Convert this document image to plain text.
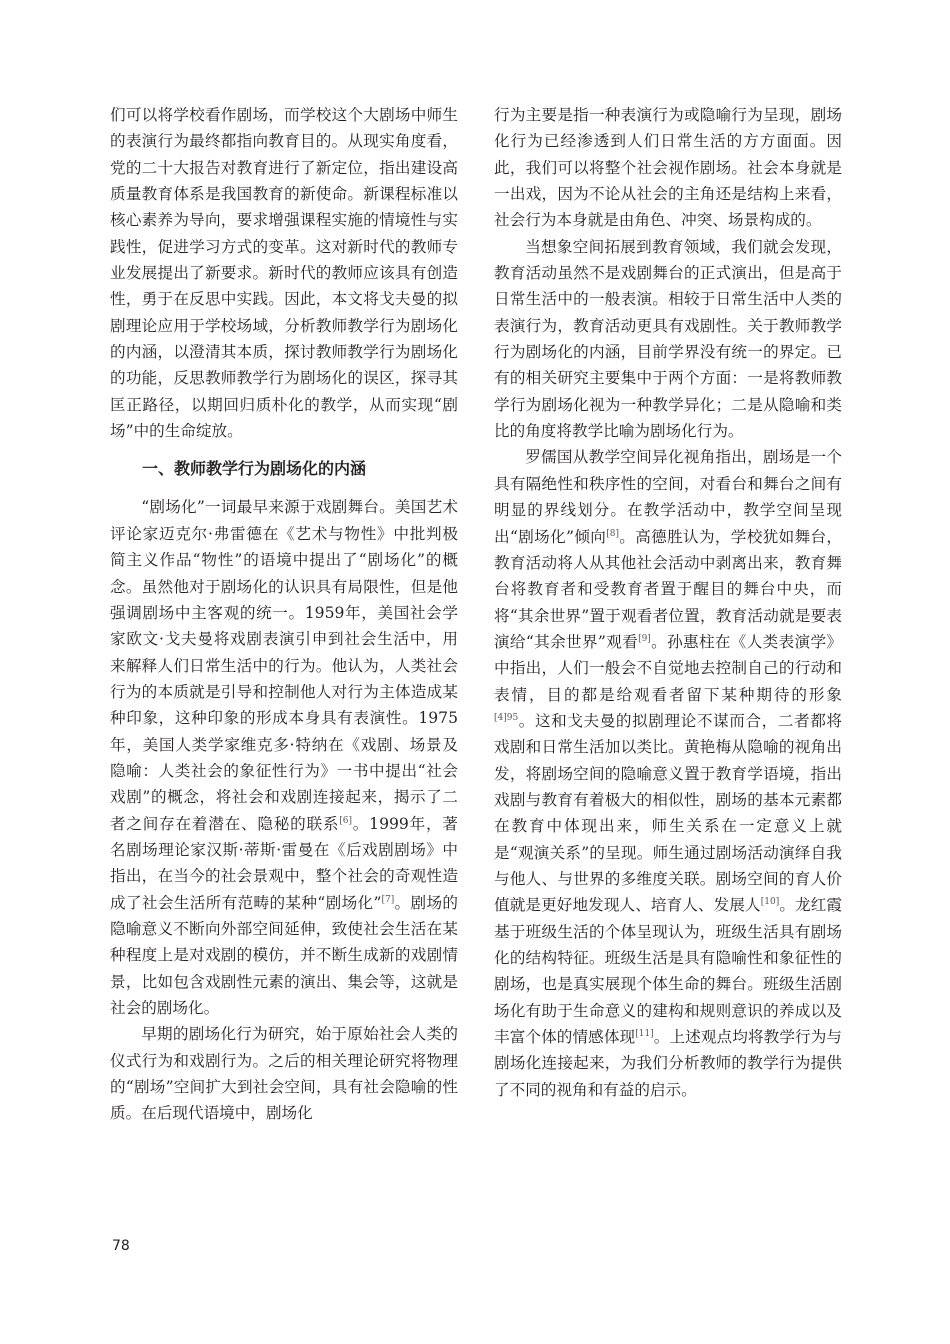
们可以将学校看作剧场，而学校这个大剧场中师生的表演行为最终都指向教育目的。从现实角度看，党的二十大报告对教育进行了新定位，指出建设高质量教育体系是我国教育的新使命。新课程标准以核心素养为导向，要求增强课程实施的情境性与实践性，促进学习方式的变革。这对新时代的教师专业发展提出了新要求。新时代的教师应该具有创造性，勇于在反思中实践。因此，本文将戈夫曼的拟剧理论应用于学校场域，分析教师教学行为剧场化的内涵，以澄清其本质，探讨教师教学行为剧场化的功能，反思教师教学行为剧场化的误区，探寻其匡正路径，以期回归质朴化的教学，从而实现“剧场”中的生命绽放。

一、教师教学行为剧场化的内涵

“剧场化”一词最早来源于戏剧舞台。美国艺术评论家迈克尔·弗雷德在《艺术与物性》中批判极简主义作品“物性”的语境中提出了“剧场化”的概念。虽然他对于剧场化的认识具有局限性，但是他强调剧场中主客观的统一。1959年，美国社会学家欧文·戈夫曼将戏剧表演引申到社会生活中，用来解释人们日常生活中的行为。他认为，人类社会行为的本质就是引导和控制他人对行为主体造成某种印象，这种印象的形成本身具有表演性。1975年，美国人类学家维克多·特纳在《戏剧、场景及隐喻：人类社会的象征性行为》一书中提出“社会戏剧”的概念，将社会和戏剧连接起来，揭示了二者之间存在着潜在、隐秘的联系[6]。1999年，著名剧场理论家汉斯·蒂斯·雷曼在《后戏剧剧场》中指出，在当今的社会景观中，整个社会的奇观性造成了社会生活所有范畴的某种“剧场化”[7]。剧场的隐喻意义不断向外部空间延伸，致使社会生活在某种程度上是对戏剧的模仿，并不断生成新的戏剧情景，比如包含戏剧性元素的演出、集会等，这就是社会的剧场化。

早期的剧场化行为研究，始于原始社会人类的仪式行为和戏剧行为。之后的相关理论研究将物理的“剧场”空间扩大到社会空间，具有社会隐喻的性质。在后现代语境中，剧场化

行为主要是指一种表演行为或隐喻行为呈现，剧场化行为已经渗透到人们日常生活的方方面面。因此，我们可以将整个社会视作剧场。社会本身就是一出戏，因为不论从社会的主角还是结构上来看，社会行为本身就是由角色、冲突、场景构成的。

当想象空间拓展到教育领域，我们就会发现，教育活动虽然不是戏剧舞台的正式演出，但是高于日常生活中的一般表演。相较于日常生活中人类的表演行为，教育活动更具有戏剧性。关于教师教学行为剧场化的内涵，目前学界没有统一的界定。已有的相关研究主要集中于两个方面：一是将教师教学行为剧场化视为一种教学异化；二是从隐喻和类比的角度将教学比喻为剧场化行为。

罗儒国从教学空间异化视角指出，剧场是一个具有隔绝性和秩序性的空间，对看台和舞台之间有明显的界线划分。在教学活动中，教学空间呈现出“剧场化”倾向[8]。高德胜认为，学校犹如舞台，教育活动将人从其他社会活动中剥离出来，教育舞台将教育者和受教育者置于醒目的舞台中央，而将“其余世界”置于观看者位置，教育活动就是要表演给“其余世界”观看[9]。孙惠柱在《人类表演学》中指出，人们一般会不自觉地去控制自己的行动和表情，目的都是给观看者留下某种期待的形象$^{[4]95}$。这和戈夫曼的拟剧理论不谋而合，二者都将戏剧和日常生活加以类比。黄艳梅从隐喻的视角出发，将剧场空间的隐喻意义置于教育学语境，指出戏剧与教育有着极大的相似性，剧场的基本元素都在教育中体现出来，师生关系在一定意义上就是“观演关系”的呈现。师生通过剧场活动演绎自我与他人、与世界的多维度关联。剧场空间的育人价值就是更好地发现人、培育人、发展人[10]。龙红霞基于班级生活的个体呈现认为，班级生活具有剧场化的结构特征。班级生活是具有隐喻性和象征性的剧场，也是真实展现个体生命的舞台。班级生活剧场化有助于生命意义的建构和规则意识的养成以及丰富个体的情感体现[11]。上述观点均将教学行为与剧场化连接起来，为我们分析教师的教学行为提供了不同的视角和有益的启示。

78
